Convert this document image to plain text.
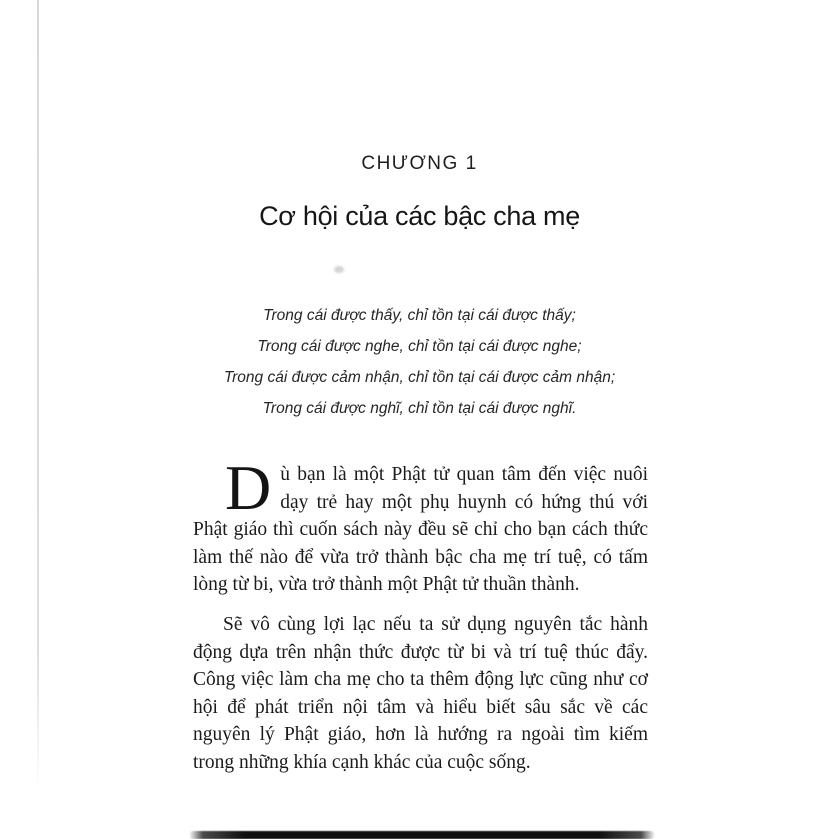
CHƯƠNG 1
Cơ hội của các bậc cha mẹ
Trong cái được thấy, chỉ tồn tại cái được thấy;
Trong cái được nghe, chỉ tồn tại cái được nghe;
Trong cái được cảm nhận, chỉ tồn tại cái được cảm nhận;
Trong cái được nghĩ, chỉ tồn tại cái được nghĩ.

Dù bạn là một Phật tử quan tâm đến việc nuôi dạy trẻ hay một phụ huynh có hứng thú với Phật giáo thì cuốn sách này đều sẽ chỉ cho bạn cách thức làm thế nào để vừa trở thành bậc cha mẹ trí tuệ, có tấm lòng từ bi, vừa trở thành một Phật tử thuần thành.

Sẽ vô cùng lợi lạc nếu ta sử dụng nguyên tắc hành động dựa trên nhận thức được từ bi và trí tuệ thúc đẩy. Công việc làm cha mẹ cho ta thêm động lực cũng như cơ hội để phát triển nội tâm và hiểu biết sâu sắc về các nguyên lý Phật giáo, hơn là hướng ra ngoài tìm kiếm trong những khía cạnh khác của cuộc sống.
